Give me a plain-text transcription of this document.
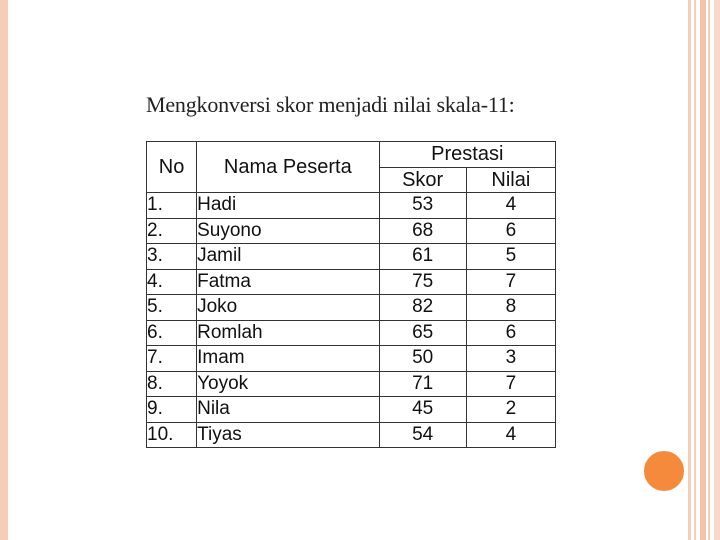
Mengkonversi skor menjadi nilai skala-11:
No	Nama Peserta	Prestasi	
		Skor	Nilai
1.	Hadi	53	4
2.	Suyono	68	6
3.	Jamil	61	5
4.	Fatma	75	7
5.	Joko	82	8
6.	Romlah	65	6
7.	Imam	50	3
8.	Yoyok	71	7
9.	Nila	45	2
10.	Tiyas	54	4
